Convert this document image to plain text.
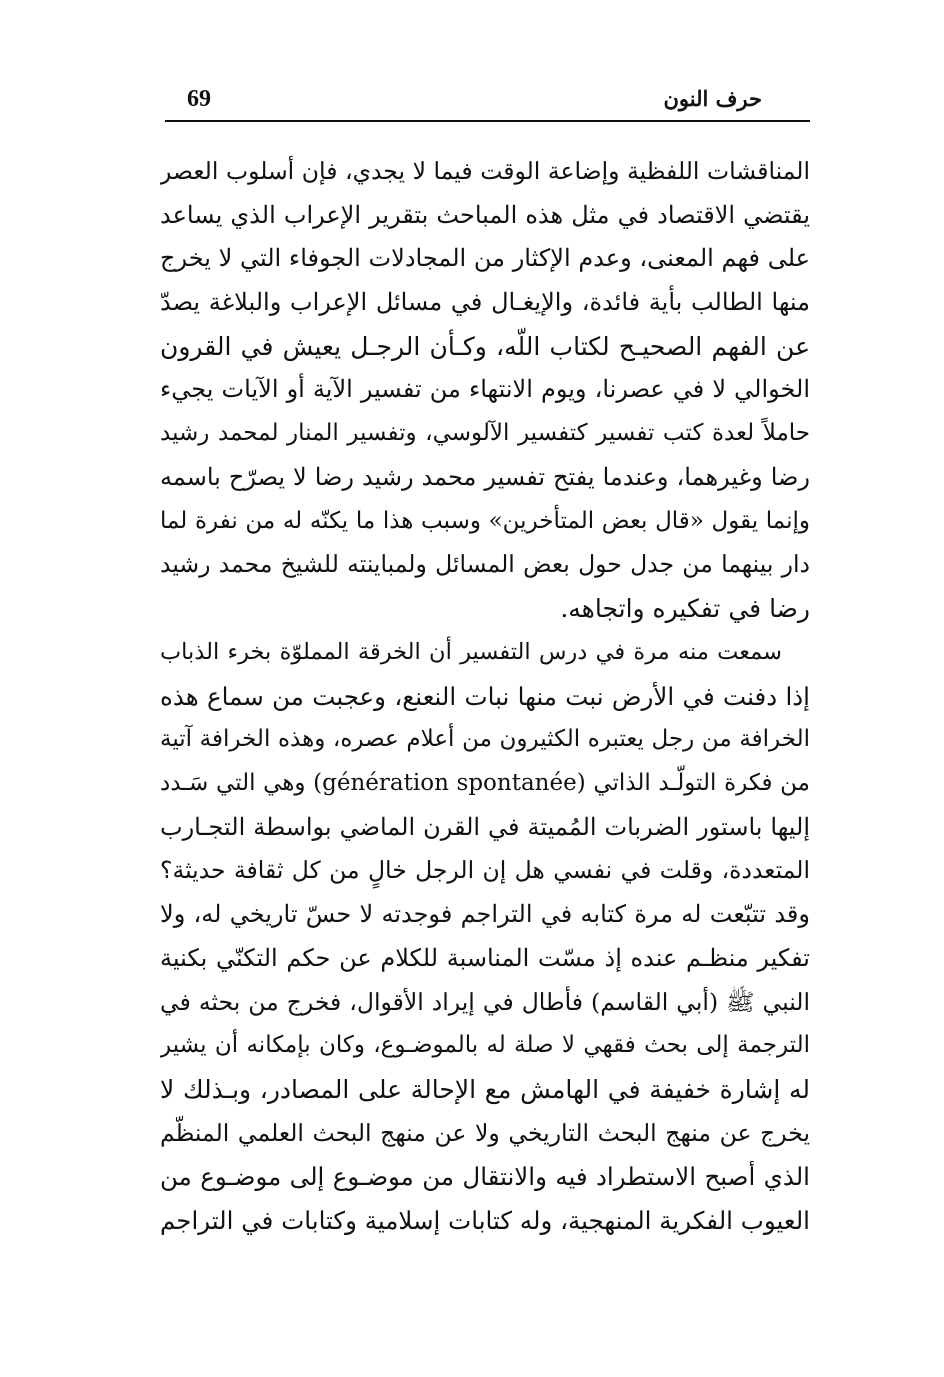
69	حرف النون
المناقشات اللفظية وإضاعة الوقت فيما لا يجدي، فإن أسلوب العصر
يقتضي الاقتصاد في مثل هذه المباحث بتقرير الإعراب الذي يساعد
على فهم المعنى، وعدم الإكثار من المجادلات الجوفاء التي لا يخرج
منها الطالب بأية فائدة، والإيغـال في مسائل الإعراب والبلاغة يصدّ
عن الفهم الصحيـح لكتاب اللّه، وكـأن الرجـل يعيش في القرون
الخوالي لا في عصرنا، ويوم الانتهاء من تفسير الآية أو الآيات يجيء
حاملاً لعدة كتب تفسير كتفسير الآلوسي، وتفسير المنار لمحمد رشيد
رضا وغيرهما، وعندما يفتح تفسير محمد رشيد رضا لا يصرّح باسمه
وإنما يقول «قال بعض المتأخرين» وسبب هذا ما يكنّه له من نفرة لما
دار بينهما من جدل حول بعض المسائل ولمباينته للشيخ محمد رشيد
رضا في تفكيره واتجاهه.
سمعت منه مرة في درس التفسير أن الخرقة المملوّة بخرء الذباب
إذا دفنت في الأرض نبت منها نبات النعنع، وعجبت من سماع هذه
الخرافة من رجل يعتبره الكثيرون من أعلام عصره، وهذه الخرافة آتية
من فكرة التولّـد الذاتي (génération spontanée) وهي التي سَـدد
إليها باستور الضربات المُميتة في القرن الماضي بواسطة التجـارب
المتعددة، وقلت في نفسي هل إن الرجل خالٍ من كل ثقافة حديثة؟
وقد تتبّعت له مرة كتابه في التراجم فوجدته لا حسّ تاريخي له، ولا
تفكير منظـم عنده إذ مسّت المناسبة للكلام عن حكم التكنّي بكنية
النبي ﷺ (أبي القاسم) فأطال في إيراد الأقوال، فخرج من بحثه في
الترجمة إلى بحث فقهي لا صلة له بالموضـوع، وكان بإمكانه أن يشير
له إشارة خفيفة في الهامش مع الإحالة على المصادر، وبـذلك لا
يخرج عن منهج البحث التاريخي ولا عن منهج البحث العلمي المنظّم
الذي أصبح الاستطراد فيه والانتقال من موضـوع إلى موضـوع من
العيوب الفكرية المنهجية، وله كتابات إسلامية وكتابات في التراجم
